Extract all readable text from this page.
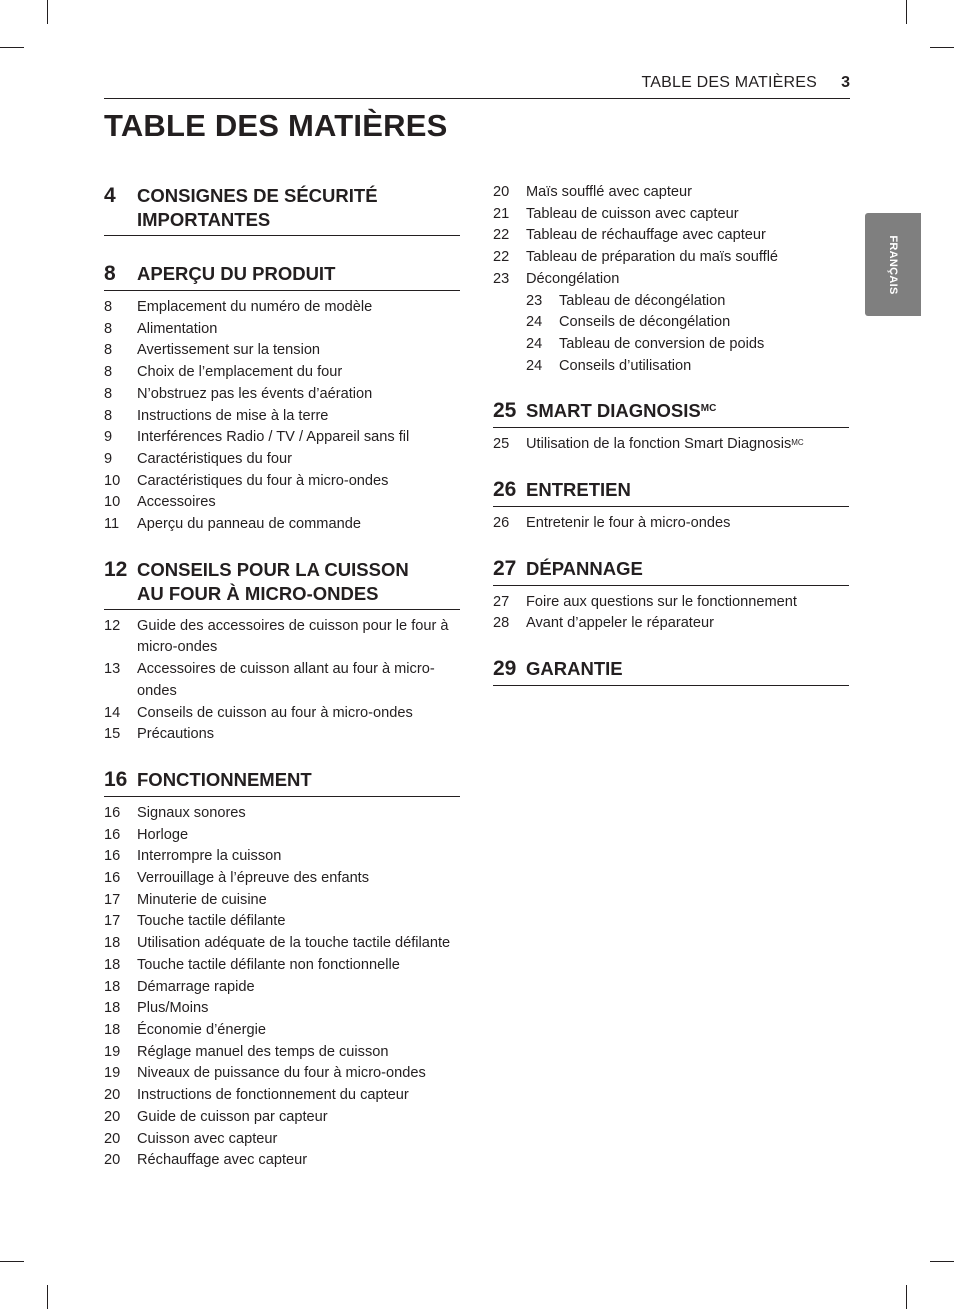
TABLE DES MATIÈRES 3
TABLE DES MATIÈRES
FRANÇAIS
4	CONSIGNES DE SÉCURITÉ
IMPORTANTES
8	APERÇU DU PRODUIT
8	Emplacement du numéro de modèle
8	Alimentation
8	Avertissement sur la tension
8	Choix de l’emplacement du four
8	N’obstruez pas les évents d’aération
8	Instructions de mise à la terre
9	Interférences Radio / TV / Appareil sans fil
9	Caractéristiques du four
10	Caractéristiques du four à micro-ondes
10	Accessoires
11	Aperçu du panneau de commande
12 CONSEILS POUR LA CUISSON
AU FOUR À MICRO-ONDES
12	Guide des accessoires de cuisson pour le four à micro-ondes
13	Accessoires de cuisson allant au four à micro-ondes
14	Conseils de cuisson au four à micro-ondes
15	Précautions
16 FONCTIONNEMENT
16	Signaux sonores
16	Horloge
16	Interrompre la cuisson
16	Verrouillage à l’épreuve des enfants
17	Minuterie de cuisine
17	Touche tactile défilante
18	Utilisation adéquate de la touche tactile défilante
18	Touche tactile défilante non fonctionnelle
18	Démarrage rapide
18	Plus/Moins
18	Économie d’énergie
19	Réglage manuel des temps de cuisson
19	Niveaux de puissance du four à micro-ondes
20	Instructions de fonctionnement du capteur
20	Guide de cuisson par capteur
20	Cuisson avec capteur
20	Réchauffage avec capteur
20	Maïs soufflé avec capteur
21	Tableau de cuisson avec capteur
22	Tableau de réchauffage avec capteur
22	Tableau de préparation du maïs soufflé
23	Décongélation
23	Tableau de décongélation
24	Conseils de décongélation
24	Tableau de conversion de poids
24	Conseils d’utilisation
25 SMART $DIAGNOSIS^{MC}$
25	Utilisation de la fonction Smart Diagnosis$^{MC}$
26 ENTRETIEN
26	Entretenir le four à micro-ondes
27 DÉPANNAGE
27	Foire aux questions sur le fonctionnement
28	Avant d’appeler le réparateur
29 GARANTIE
